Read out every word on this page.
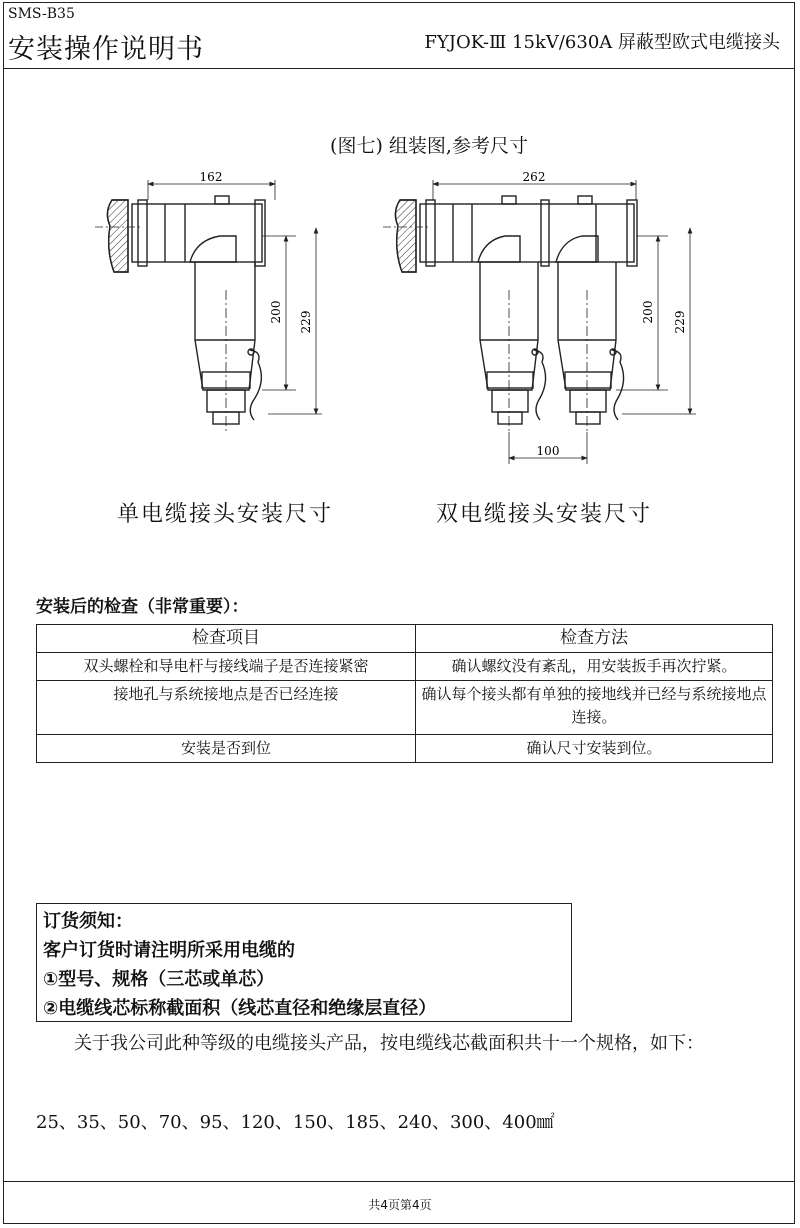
SMS-B35
安装操作说明书	FYJOK-Ⅲ 15kV/630A 屏蔽型欧式电缆接头
(图七) 组装图,参考尺寸
162
200 229
262
200 229
100
单电缆接头安装尺寸	双电缆接头安装尺寸
安装后的检查（非常重要）：
检查项目	检查方法
双头螺栓和导电杆与接线端子是否连接紧密	确认螺纹没有紊乱，用安装扳手再次拧紧。
接地孔与系统接地点是否已经连接	确认每个接头都有单独的接地线并已经与系统接地点连接。
安装是否到位	确认尺寸安装到位。
订货须知：
客户订货时请注明所采用电缆的
①型号、规格（三芯或单芯）
②电缆线芯标称截面积（线芯直径和绝缘层直径）
关于我公司此种等级的电缆接头产品，按电缆线芯截面积共十一个规格，如下：
25、35、50、70、95、120、150、185、240、300、400㎟
共4页第4页
